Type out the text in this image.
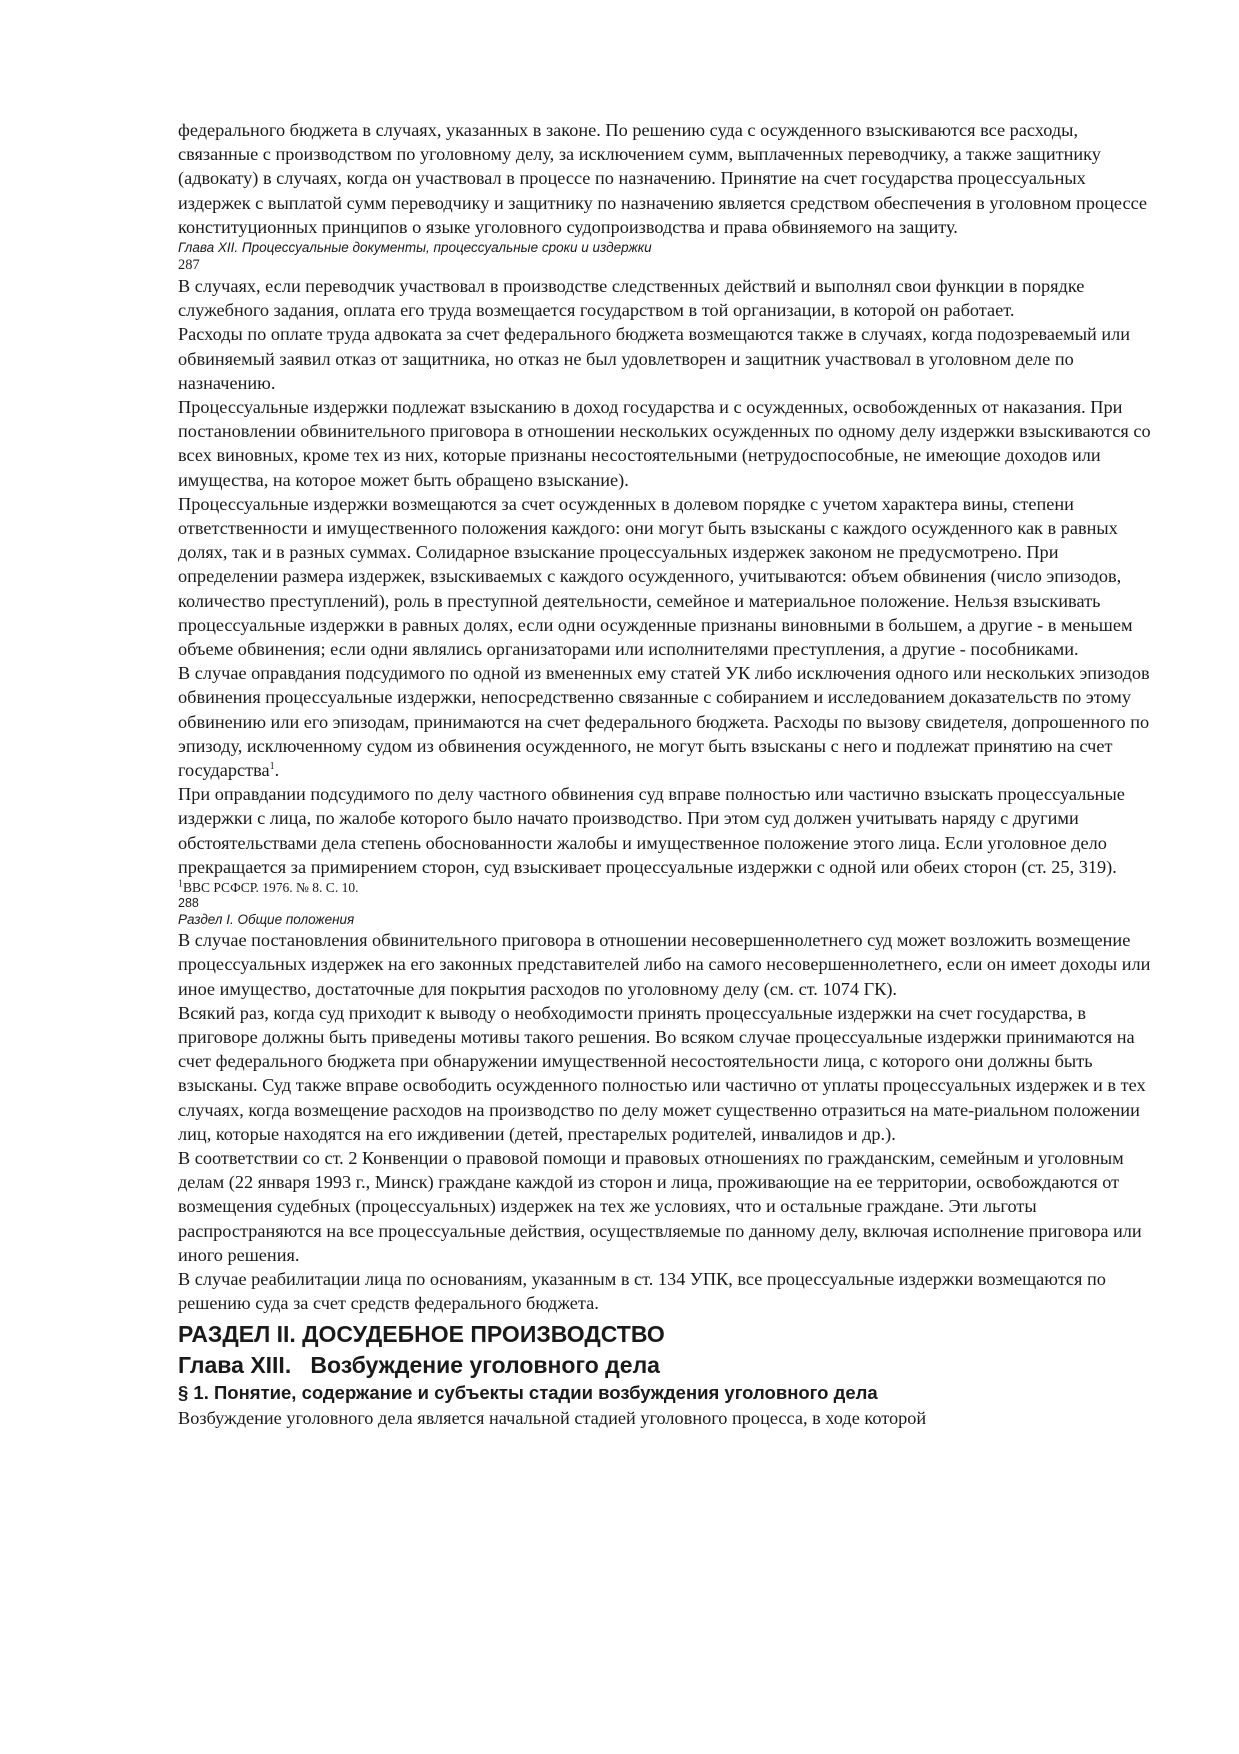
федерального бюджета в случаях, указанных в законе. По решению суда с осужденного взыскиваются все расходы, связанные с производством по уголовному делу, за исключением сумм, выплаченных переводчику, а также защитнику (адвокату) в случаях, когда он участвовал в процессе по назначению. Принятие на счет государства процессуальных издержек с выплатой сумм переводчику и защитнику по назначению является средством обеспечения в уголовном процессе конституционных принципов о языке уголовного судопроизводства и права обвиняемого на защиту.

Глава XII. Процессуальные документы, процессуальные сроки и издержки

287

В случаях, если переводчик участвовал в производстве следственных действий и выполнял свои функции в порядке служебного задания, оплата его труда возмещается государством в той организации, в которой он работает.

Расходы по оплате труда адвоката за счет федерального бюджета возмещаются также в случаях, когда подозреваемый или обвиняемый заявил отказ от защитника, но отказ не был удовлетворен и защитник участвовал в уголовном деле по назначению.

Процессуальные издержки подлежат взысканию в доход государства и с осужденных, освобожденных от наказания. При постановлении обвинительного приговора в отношении нескольких осужденных по одному делу издержки взыскиваются со всех виновных, кроме тех из них, которые признаны несостоятельными (нетрудоспособные, не имеющие доходов или имущества, на которое может быть обращено взыскание).

Процессуальные издержки возмещаются за счет осужденных в долевом порядке с учетом характера вины, степени ответственности и имущественного положения каждого: они могут быть взысканы с каждого осужденного как в равных долях, так и в разных суммах. Солидарное взыскание процессуальных издержек законом не предусмотрено. При определении размера издержек, взыскиваемых с каждого осужденного, учитываются: объем обвинения (число эпизодов, количество преступлений), роль в преступной деятельности, семейное и материальное положение. Нельзя взыскивать процессуальные издержки в равных долях, если одни осужденные признаны виновными в большем, а другие - в меньшем объеме обвинения; если одни являлись организаторами или исполнителями преступления, а другие - пособниками.

В случае оправдания подсудимого по одной из вмененных ему статей УК либо исключения одного или нескольких эпизодов обвинения процессуальные издержки, непосредственно связанные с собиранием и исследованием доказательств по этому обвинению или его эпизодам, принимаются на счет федерального бюджета. Расходы по вызову свидетеля, допрошенного по эпизоду, исключенному судом из обвинения осужденного, не могут быть взысканы с него и подлежат принятию на счет государства$^1$.

При оправдании подсудимого по делу частного обвинения суд вправе полностью или частично взыскать процессуальные издержки с лица, по жалобе которого было начато производство. При этом суд должен учитывать наряду с другими обстоятельствами дела степень обоснованности жалобы и имущественное положение этого лица. Если уголовное дело прекращается за примирением сторон, суд взыскивает процессуальные издержки с одной или обеих сторон (ст. 25, 319).

$^1$ВВС РСФСР. 1976. № 8. С. 10.

288

Раздел I. Общие положения

В случае постановления обвинительного приговора в отношении несовершеннолетнего суд может возложить возмещение процессуальных издержек на его законных представителей либо на самого несовершеннолетнего, если он имеет доходы или иное имущество, достаточные для покрытия расходов по уголовному делу (см. ст. 1074 ГК).

Всякий раз, когда суд приходит к выводу о необходимости принять процессуальные издержки на счет государства, в приговоре должны быть приведены мотивы такого решения. Во всяком случае процессуальные издержки принимаются на счет федерального бюджета при обнаружении имущественной несостоятельности лица, с которого они должны быть взысканы. Суд также вправе освободить осужденного полностью или частично от уплаты процессуальных издержек и в тех случаях, когда возмещение расходов на производство по делу может существенно отразиться на мате-риальном положении лиц, которые находятся на его иждивении (детей, престарелых родителей, инвалидов и др.).

В соответствии со ст. 2 Конвенции о правовой помощи и правовых отношениях по гражданским, семейным и уголовным делам (22 января 1993 г., Минск) граждане каждой из сторон и лица, проживающие на ее территории, освобождаются от возмещения судебных (процессуальных) издержек на тех же условиях, что и остальные граждане. Эти льготы распространяются на все процессуальные действия, осуществляемые по данному делу, включая исполнение приговора или иного решения.

В случае реабилитации лица по основаниям, указанным в ст. 134 УПК, все процессуальные издержки возмещаются по решению суда за счет средств федерального бюджета.

РАЗДЕЛ II. ДОСУДЕБНОЕ ПРОИЗВОДСТВО
Глава XIII.   Возбуждение уголовного дела
§ 1. Понятие, содержание и субъекты стадии возбуждения уголовного дела

Возбуждение уголовного дела является начальной стадией уголовного процесса, в ходе которой
